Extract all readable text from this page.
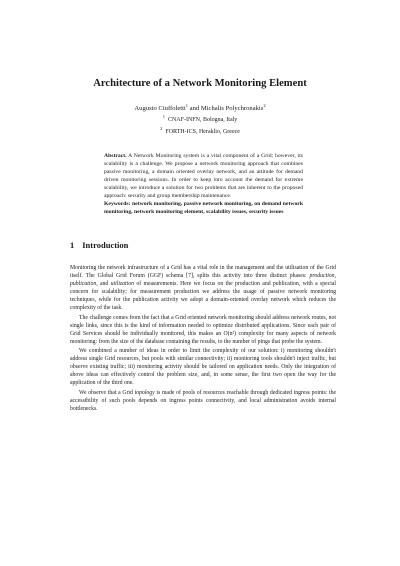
Architecture of a Network Monitoring Element
Augusto Ciuffoletti$^1$ and Michalis Polychronakis$^2$
$^1$  CNAF-INFN, Bologna, Italy
$^2$  FORTH-ICS, Heraklio, Greece
Abstract. A Network Monitoring system is a vital component of a Grid; however, its scalability is a challenge. We propose a network monitoring approach that combines passive monitoring, a domain oriented overlay network, and an attitude for demand driven monitoring sessions. In order to keep into account the demand for extreme scalability, we introduce a solution for two problems that are inherent to the proposed approach: security and group membership maintenance.
Keywords: network monitoring, passive network monitoring, on demand network monitoring, network monitoring element, scalability issues, security issues
1 Introduction

Monitoring the network infrastructure of a Grid has a vital role in the management and the utilisation of the Grid itself. The Global Grid Forum (GGF) schema [7], splits this activity into three distinct phases: production, publication, and utilization of measurements. Here we focus on the production and publication, with a special concern for scalability; for measurement production we address the usage of passive network monitoring techniques, while for the publication activity we adopt a domain-oriented overlay network which reduces the complexity of the task.

The challenge comes from the fact that a Grid oriented network monitoring should address network routes, not single links, since this is the kind of information needed to optimize distributed applications. Since each pair of Grid Services should be individually monitored, this makes an O(n²) complexity for many aspects of network monitoring: from the size of the database containing the results, to the number of pings that probe the system.

We combined a number of ideas in order to limit the complexity of our solution: i) monitoring shouldn't address single Grid resources, but pools with similar connectivity; ii) monitoring tools shouldn't inject traffic, but observe existing traffic; iii) monitoring activity should be tailored on application needs. Only the integration of above ideas can effectively control the problem size, and, in some sense, the first two open the way for the application of the third one.

We observe that a Grid topology is made of pools of resources reachable through dedicated ingress points: the accessibility of such pools depends on ingress points connectivity, and local administration avoids internal bottlenecks.
